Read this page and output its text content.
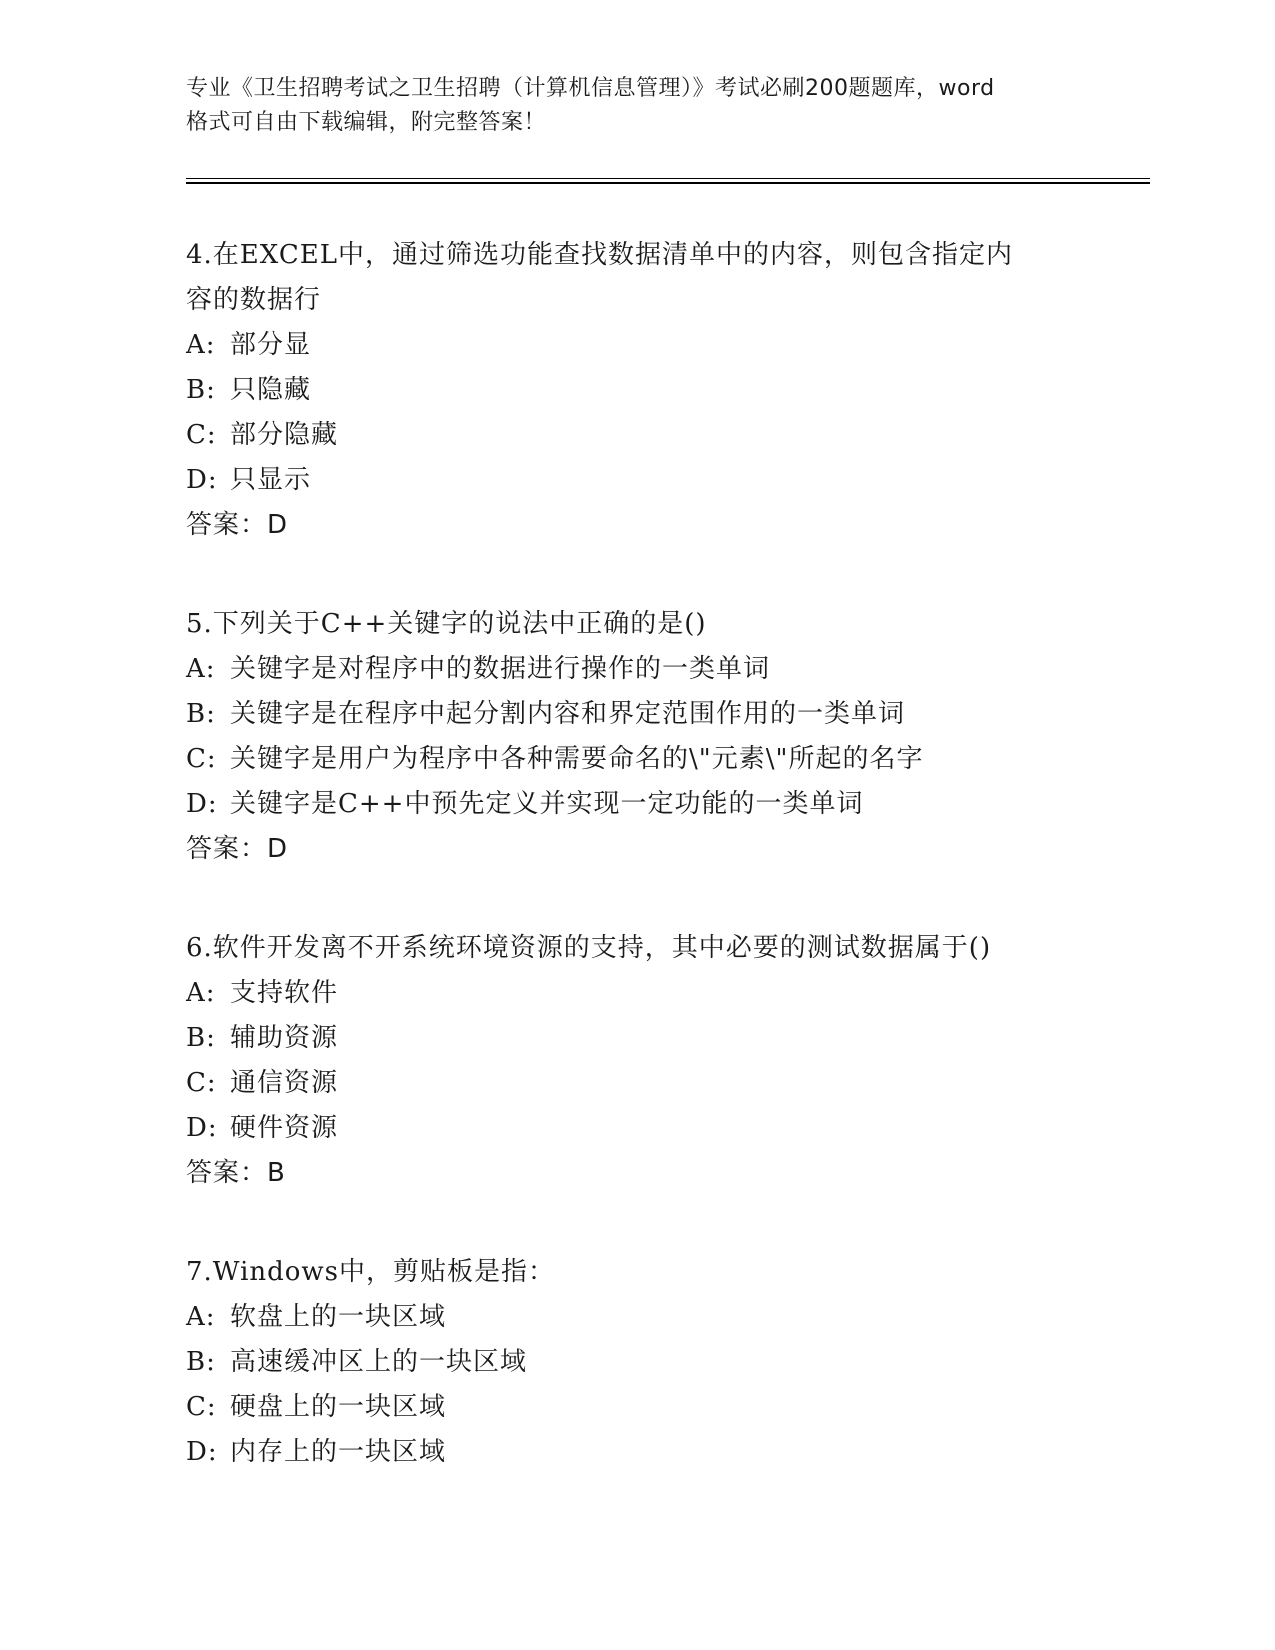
专业《卫生招聘考试之卫生招聘（计算机信息管理）》考试必刷200题题库，word
格式可自由下载编辑，附完整答案！

4.在EXCEL中，通过筛选功能查找数据清单中的内容，则包含指定内
容的数据行

A: 部分显
B: 只隐藏
C: 部分隐藏
D: 只显示
答案：D

5.下列关于C++关键字的说法中正确的是()

A: 关键字是对程序中的数据进行操作的一类单词
B: 关键字是在程序中起分割内容和界定范围作用的一类单词
C: 关键字是用户为程序中各种需要命名的\"元素\"所起的名字
D: 关键字是C++中预先定义并实现一定功能的一类单词
答案：D

6.软件开发离不开系统环境资源的支持，其中必要的测试数据属于()

A: 支持软件
B: 辅助资源
C: 通信资源
D: 硬件资源
答案：B

7.Windows中，剪贴板是指：

A: 软盘上的一块区域
B: 高速缓冲区上的一块区域
C: 硬盘上的一块区域
D: 内存上的一块区域
